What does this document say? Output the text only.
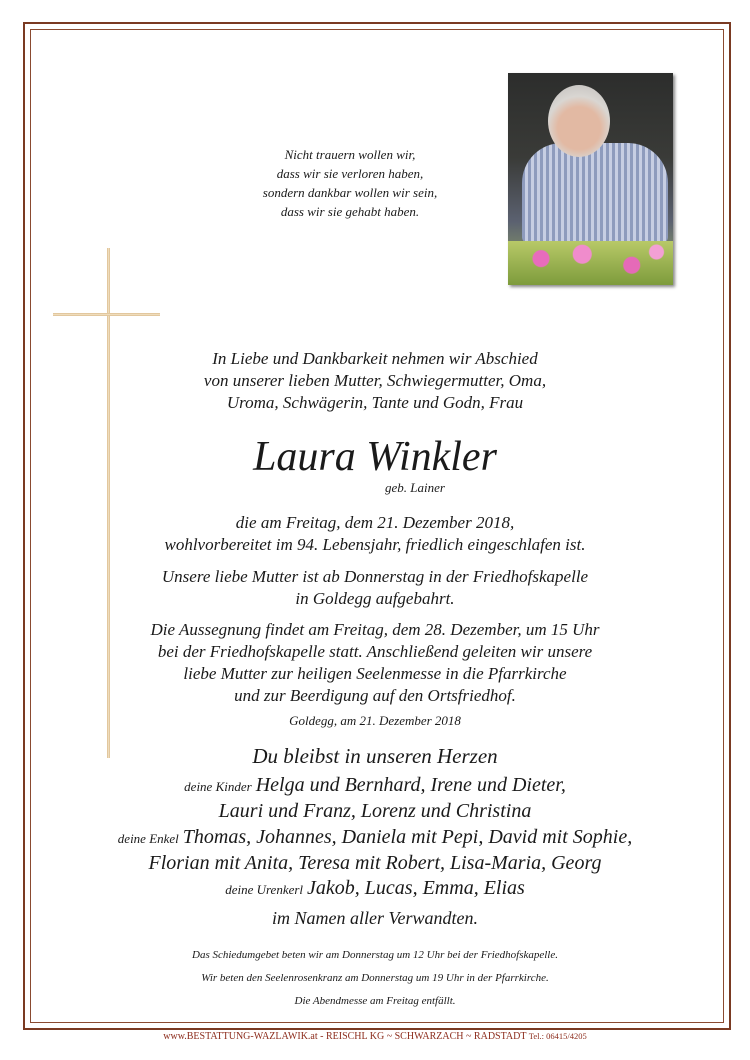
Nicht trauern wollen wir,
dass wir sie verloren haben,
sondern dankbar wollen wir sein,
dass wir sie gehabt haben.
In Liebe und Dankbarkeit nehmen wir Abschied
von unserer lieben Mutter, Schwiegermutter, Oma,
Uroma, Schwägerin, Tante und Godn, Frau
Laura Winkler
geb. Lainer
die am Freitag, dem 21. Dezember 2018,
wohlvorbereitet im 94. Lebensjahr, friedlich eingeschlafen ist.
Unsere liebe Mutter ist ab Donnerstag in der Friedhofskapelle
in Goldegg aufgebahrt.
Die Aussegnung findet am Freitag, dem 28. Dezember, um 15 Uhr
bei der Friedhofskapelle statt. Anschließend geleiten wir unsere
liebe Mutter zur heiligen Seelenmesse in die Pfarrkirche
und zur Beerdigung auf den Ortsfriedhof.
Goldegg, am 21. Dezember 2018
Du bleibst in unseren Herzen
deine Kinder Helga und Bernhard, Irene und Dieter,
Lauri und Franz, Lorenz und Christina
deine Enkel Thomas, Johannes, Daniela mit Pepi, David mit Sophie,
Florian mit Anita, Teresa mit Robert, Lisa-Maria, Georg
deine Urenkerl Jakob, Lucas, Emma, Elias
im Namen aller Verwandten.
Das Schiedumgebet beten wir am Donnerstag um 12 Uhr bei der Friedhofskapelle.
Wir beten den Seelenrosenkranz am Donnerstag um 19 Uhr in der Pfarrkirche.
Die Abendmesse am Freitag entfällt.
www.BESTATTUNG-WAZLAWIK.at - REISCHL KG ~ SCHWARZACH ~ RADSTADT Tel.: 06415/4205
